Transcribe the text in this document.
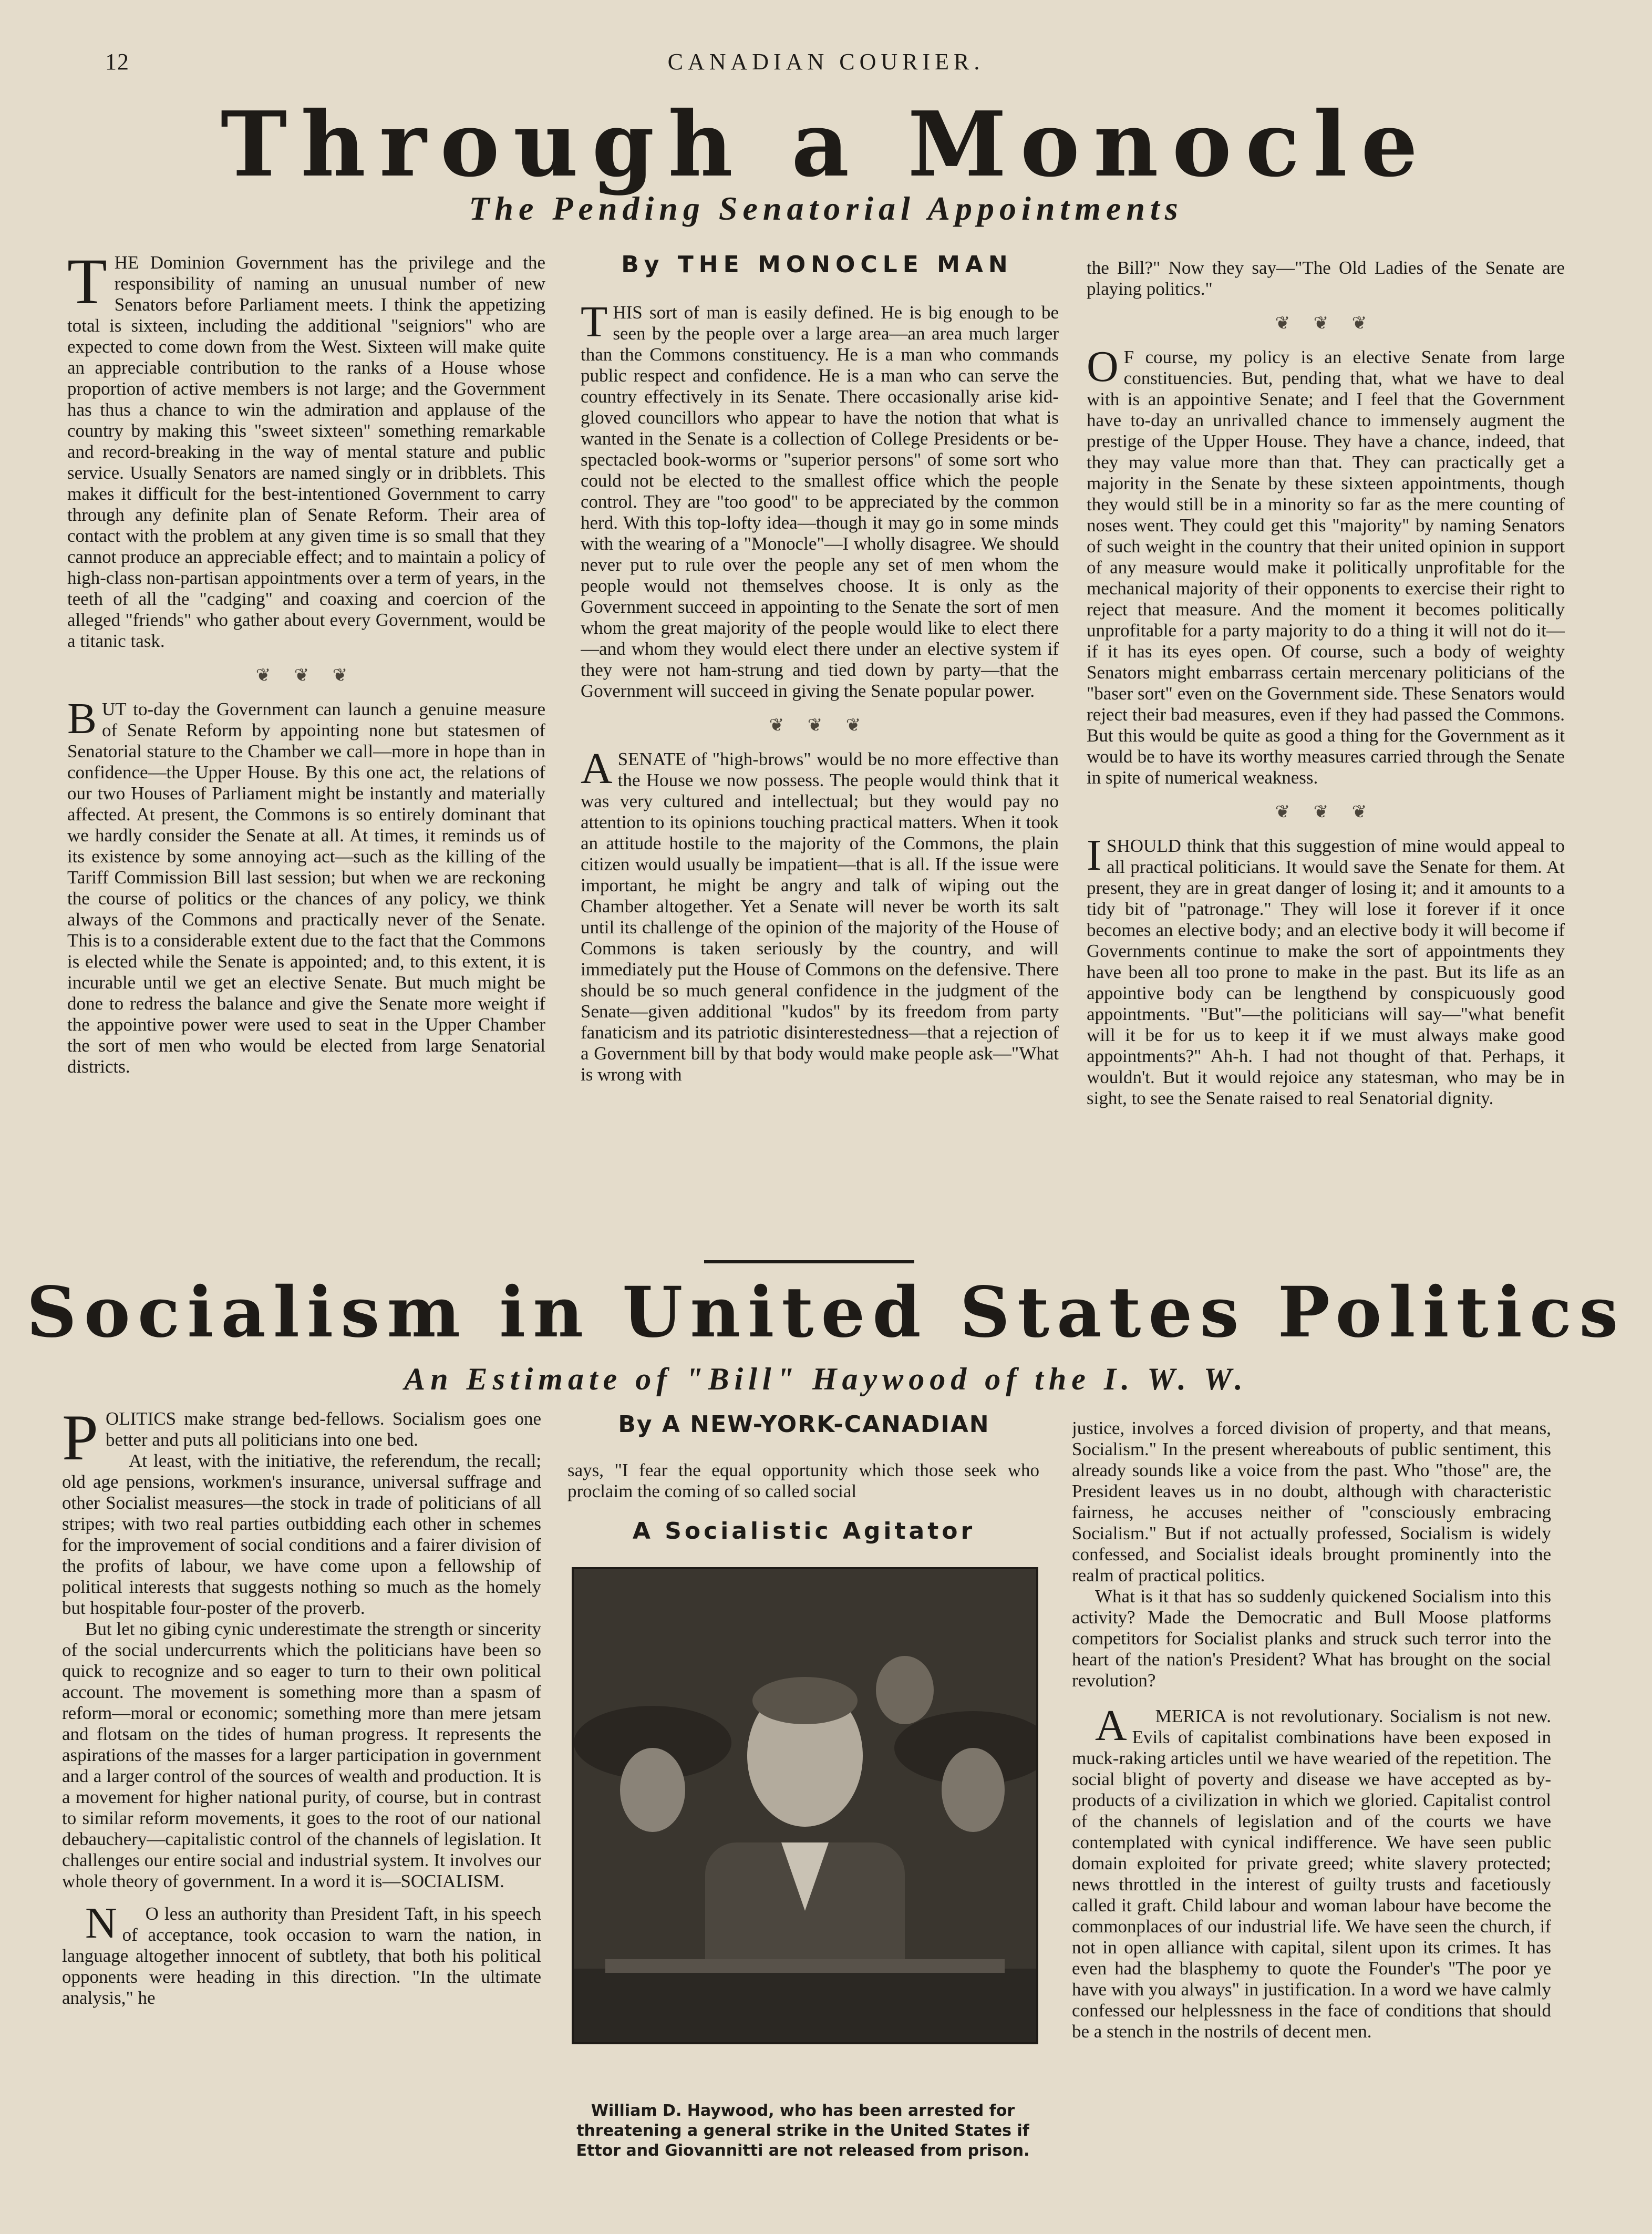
12	CANADIAN COURIER.
Through a Monocle
The Pending Senatorial Appointments
By THE MONOCLE MAN

THE Dominion Government has the privilege and the responsibility of naming an unusual number of new Senators before Parliament meets. I think the appetizing total is sixteen, including the additional "seigniors" who are expected to come down from the West. Sixteen will make quite an appreciable contribution to the ranks of a House whose proportion of active members is not large; and the Government has thus a chance to win the admiration and applause of the country by making this "sweet sixteen" something remarkable and record-breaking in the way of mental stature and public service. Usually Senators are named singly or in dribblets. This makes it difficult for the best-intentioned Government to carry through any definite plan of Senate Reform. Their area of contact with the problem at any given time is so small that they cannot produce an appreciable effect; and to maintain a policy of high-class non-partisan appointments over a term of years, in the teeth of all the "cadging" and coaxing and coercion of the alleged "friends" who gather about every Government, would be a titanic task.

❦ ❦ ❦

BUT to-day the Government can launch a genuine measure of Senate Reform by appointing none but statesmen of Senatorial stature to the Chamber we call—more in hope than in confidence—the Upper House. By this one act, the relations of our two Houses of Parliament might be instantly and materially affected. At present, the Commons is so entirely dominant that we hardly consider the Senate at all. At times, it reminds us of its existence by some annoying act—such as the killing of the Tariff Commission Bill last session; but when we are reckoning the course of politics or the chances of any policy, we think always of the Commons and practically never of the Senate. This is to a considerable extent due to the fact that the Commons is elected while the Senate is appointed; and, to this extent, it is incurable until we get an elective Senate. But much might be done to redress the balance and give the Senate more weight if the appointive power were used to seat in the Upper Chamber the sort of men who would be elected from large Senatorial districts.

THIS sort of man is easily defined. He is big enough to be seen by the people over a large area—an area much larger than the Commons constituency. He is a man who commands public respect and confidence. He is a man who can serve the country effectively in its Senate. There occasionally arise kid-gloved councillors who appear to have the notion that what is wanted in the Senate is a collection of College Presidents or be-spectacled book-worms or "superior persons" of some sort who could not be elected to the smallest office which the people control. They are "too good" to be appreciated by the common herd. With this top-lofty idea—though it may go in some minds with the wearing of a "Monocle"—I wholly disagree. We should never put to rule over the people any set of men whom the people would not themselves choose. It is only as the Government succeed in appointing to the Senate the sort of men whom the great majority of the people would like to elect there—and whom they would elect there under an elective system if they were not ham-strung and tied down by party—that the Government will succeed in giving the Senate popular power.

❦ ❦ ❦

ASENATE of "high-brows" would be no more effective than the House we now possess. The people would think that it was very cultured and intellectual; but they would pay no attention to its opinions touching practical matters. When it took an attitude hostile to the majority of the Commons, the plain citizen would usually be impatient—that is all. If the issue were important, he might be angry and talk of wiping out the Chamber altogether. Yet a Senate will never be worth its salt until its challenge of the opinion of the majority of the House of Commons is taken seriously by the country, and will immediately put the House of Commons on the defensive. There should be so much general confidence in the judgment of the Senate—given additional "kudos" by its freedom from party fanaticism and its patriotic disinterestedness—that a rejection of a Government bill by that body would make people ask—"What is wrong with

the Bill?" Now they say—"The Old Ladies of the Senate are playing politics."

❦ ❦ ❦

O F course, my policy is an elective Senate from large constituencies. But, pending that, what we have to deal with is an appointive Senate; and I feel that the Government have to-day an unrivalled chance to immensely augment the prestige of the Upper House. They have a chance, indeed, that they may value more than that. They can practically get a majority in the Senate by these sixteen appointments, though they would still be in a minority so far as the mere counting of noses went. They could get this "majority" by naming Senators of such weight in the country that their united opinion in support of any measure would make it politically unprofitable for the mechanical majority of their opponents to exercise their right to reject that measure. And the moment it becomes politically unprofitable for a party majority to do a thing it will not do it—if it has its eyes open. Of course, such a body of weighty Senators might embarrass certain mercenary politicians of the "baser sort" even on the Government side. These Senators would reject their bad measures, even if they had passed the Commons. But this would be quite as good a thing for the Government as it would be to have its worthy measures carried through the Senate in spite of numerical weakness.

❦ ❦ ❦

ISHOULD think that this suggestion of mine would appeal to all practical politicians. It would save the Senate for them. At present, they are in great danger of losing it; and it amounts to a tidy bit of "patronage." They will lose it forever if it once becomes an elective body; and an elective body it will become if Governments continue to make the sort of appointments they have been all too prone to make in the past. But its life as an appointive body can be lengthend by conspicuously good appointments. "But"—the politicians will say—"what benefit will it be for us to keep it if we must always make good appointments?" Ah-h. I had not thought of that. Perhaps, it wouldn't. But it would rejoice any statesman, who may be in sight, to see the Senate raised to real Senatorial dignity.

Socialism in United States Politics
An Estimate of "Bill" Haywood of the I. W. W.
By A NEW-YORK-CANADIAN

POLITICS make strange bed-fellows. Socialism goes one better and puts all politicians into one bed.

At least, with the initiative, the referendum, the recall; old age pensions, workmen's insurance, universal suffrage and other Socialist measures—the stock in trade of politicians of all stripes; with two real parties outbidding each other in schemes for the improvement of social conditions and a fairer division of the profits of labour, we have come upon a fellowship of political interests that suggests nothing so much as the homely but hospitable four-poster of the proverb.

But let no gibing cynic underestimate the strength or sincerity of the social undercurrents which the politicians have been so quick to recognize and so eager to turn to their own political account. The movement is something more than a spasm of reform—moral or economic; something more than mere jetsam and flotsam on the tides of human progress. It represents the aspirations of the masses for a larger participation in government and a larger control of the sources of wealth and production. It is a movement for higher national purity, of course, but in contrast to similar reform movements, it goes to the root of our national debauchery—capitalistic control of the channels of legislation. It challenges our entire social and industrial system. It involves our whole theory of government. In a word it is—SOCIALISM.

N O less an authority than President Taft, in his speech of acceptance, took occasion to warn the nation, in language altogether innocent of subtlety, that both his political opponents were heading in this direction. "In the ultimate analysis," he

says, "I fear the equal opportunity which those seek who proclaim the coming of so called social

A Socialistic Agitator

William D. Haywood, who has been arrested for threatening a general strike in the United States if Ettor and Giovannitti are not released from prison.

justice, involves a forced division of property, and that means, Socialism." In the present whereabouts of public sentiment, this already sounds like a voice from the past. Who "those" are, the President leaves us in no doubt, although with characteristic fairness, he accuses neither of "consciously embracing Socialism." But if not actually professed, Socialism is widely confessed, and Socialist ideals brought prominently into the realm of practical politics.

What is it that has so suddenly quickened Socialism into this activity? Made the Democratic and Bull Moose platforms competitors for Socialist planks and struck such terror into the heart of the nation's President? What has brought on the social revolution?

A MERICA is not revolutionary. Socialism is not new. Evils of capitalist combinations have been exposed in muck-raking articles until we have wearied of the repetition. The social blight of poverty and disease we have accepted as by-products of a civilization in which we gloried. Capitalist control of the channels of legislation and of the courts we have contemplated with cynical indifference. We have seen public domain exploited for private greed; white slavery protected; news throttled in the interest of guilty trusts and facetiously called it graft. Child labour and woman labour have become the commonplaces of our industrial life. We have seen the church, if not in open alliance with capital, silent upon its crimes. It has even had the blasphemy to quote the Founder's "The poor ye have with you always" in justification. In a word we have calmly confessed our helplessness in the face of conditions that should be a stench in the nostrils of decent men.
